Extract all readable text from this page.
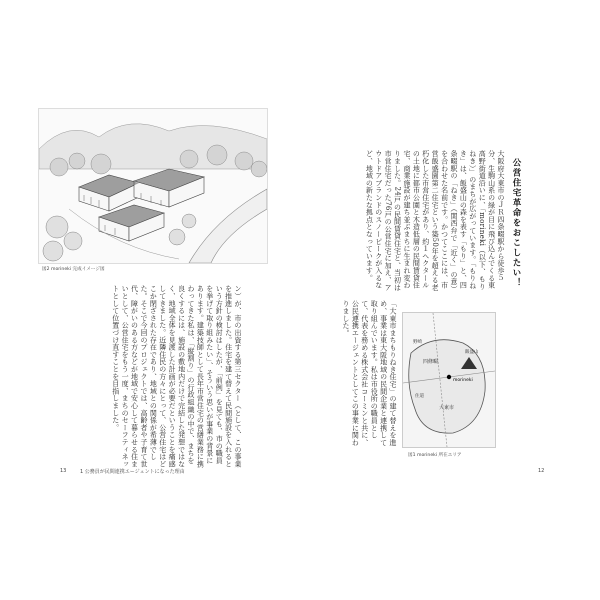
図2 morineki 完成イメージ図
ン）が、市の出資する第三セクター（として、この事業を推進しました。住宅を建て替えて民間施設を入れるという方針の検討はしたが、「前例」を見ても、市の職員を挙げて取り組みたい」、そういう思いが事業の背景にあります。建築技師として長年市営住宅の営繕業務に携わってきた私は、「縦割り」の行政組織の中で、まちを良くするには、施設の敷地内だけで完結した発想ではなく、地域全体を見渡した計画が必要だということを痛感してきました。近隣住民の方々にとって、公営住宅はどこか閉ざされた存在であり、地域との関係が希薄でした。そこで今回のプロジェクトでは、高齢者や子育て世代、障がいのある方などが地域で安心して暮らせる住まいとして、公営住宅をもう一度、まちのセーフティネットとして位置づけ直すことを目指しました。
13	1 公務員が民間連携エージェントになった理由
公営住宅革命をおこしたい！
大阪府大東市のＪＲ四条畷駅から徒歩５分、生駒山系の緑が目に飛び込んでくる東高野街道沿いに、「morineki（以下、もりねき）」のまちが広がっています。「もりねき」は、飯盛山の森を表す「もり」と、四条畷駅の「ねき」（関西弁で「近く」の意）を合わせた名前です。かつてここには、市営飯盛園第二住宅という築50年を超える老朽化した市営住宅があり、約１ヘクタールの土地に都市公園と木造低層の民間賃貸住宅、商業施設が建ち並ぶまちに生まれ変わりました。24戸の民間賃貸住宅と、当初は市営住宅だった76戸の公営住宅に加え、アウトドアブランドのスノーピークが入るなど、地域の新たな拠点となっています。
「大東市まちもりねき住宅」の建て替えを進め、事業は東大阪地域の民間企業と連携して取り組んでいます。私は市役所の職員として、代表を務める株式会社コーミンと共に、公民連携エージェントとしてこの事業に関わりました。
四條畷
大東市
飯盛山
野崎
住道
morineki
図1 morineki 所在エリア
12
